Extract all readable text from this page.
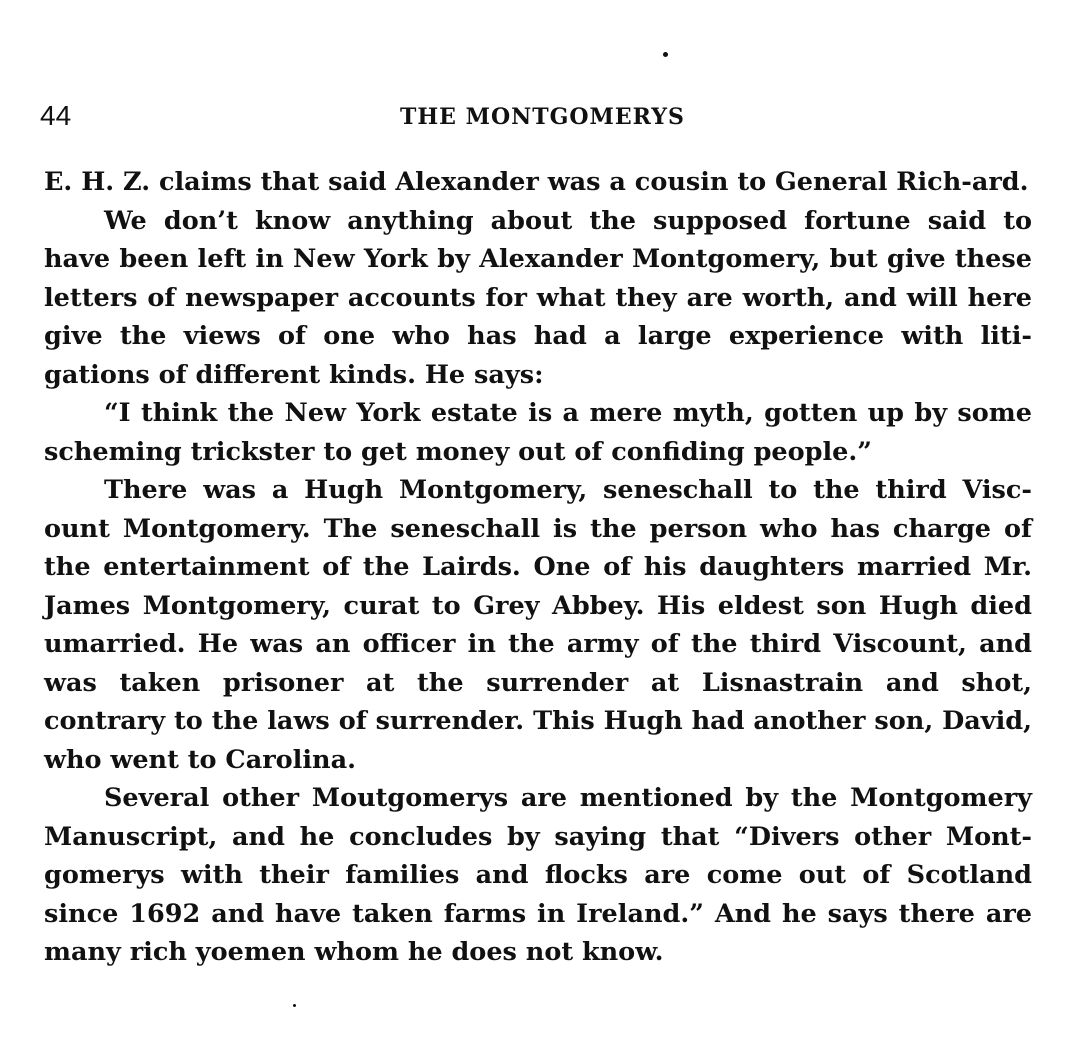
44	THE MONTGOMERYS

E. H. Z. claims that said Alexander was a cousin to General Rich-ard.

We don’t know anything about the supposed fortune said to have been left in New York by Alexander Montgomery, but give these letters of newspaper accounts for what they are worth, and will here give the views of one who has had a large experience with liti-gations of different kinds. He says:

“I think the New York estate is a mere myth, gotten up by some scheming trickster to get money out of confiding people.”

There was a Hugh Montgomery, seneschall to the third Visc-ount Montgomery. The seneschall is the person who has charge of the entertainment of the Lairds. One of his daughters married Mr. James Montgomery, curat to Grey Abbey. His eldest son Hugh died umarried. He was an officer in the army of the third Viscount, and was taken prisoner at the surrender at Lisnastrain and shot, contrary to the laws of surrender. This Hugh had another son, David, who went to Carolina.

Several other Moutgomerys are mentioned by the Montgomery Manuscript, and he concludes by saying that “Divers other Mont-gomerys with their families and flocks are come out of Scotland since 1692 and have taken farms in Ireland.” And he says there are many rich yoemen whom he does not know.
